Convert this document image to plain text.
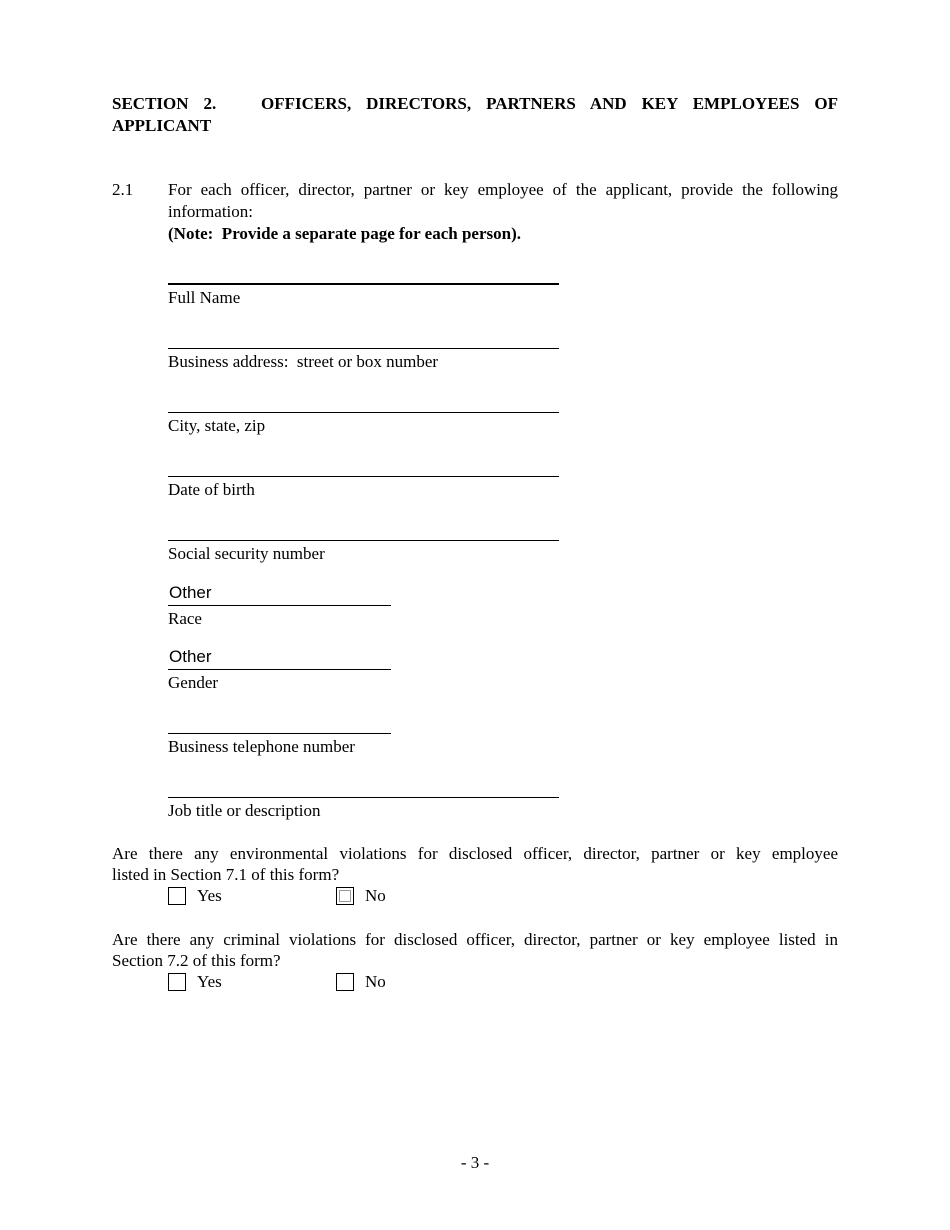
SECTION 2.   OFFICERS, DIRECTORS, PARTNERS AND KEY EMPLOYEES OF
APPLICANT
2.1 For each officer, director, partner or key employee of the applicant, provide the following
information:
(Note:  Provide a separate page for each person).
Full Name
Business address:  street or box number
City, state, zip
Date of birth
Social security number
Other
Race
Other
Gender
Business telephone number
Job title or description
Are there any environmental violations for disclosed officer, director, partner or key employee
listed in Section 7.1 of this form?
Yes	No
Are there any criminal violations for disclosed officer, director, partner or key employee listed in
Section 7.2 of this form?
Yes	No
- 3 -
